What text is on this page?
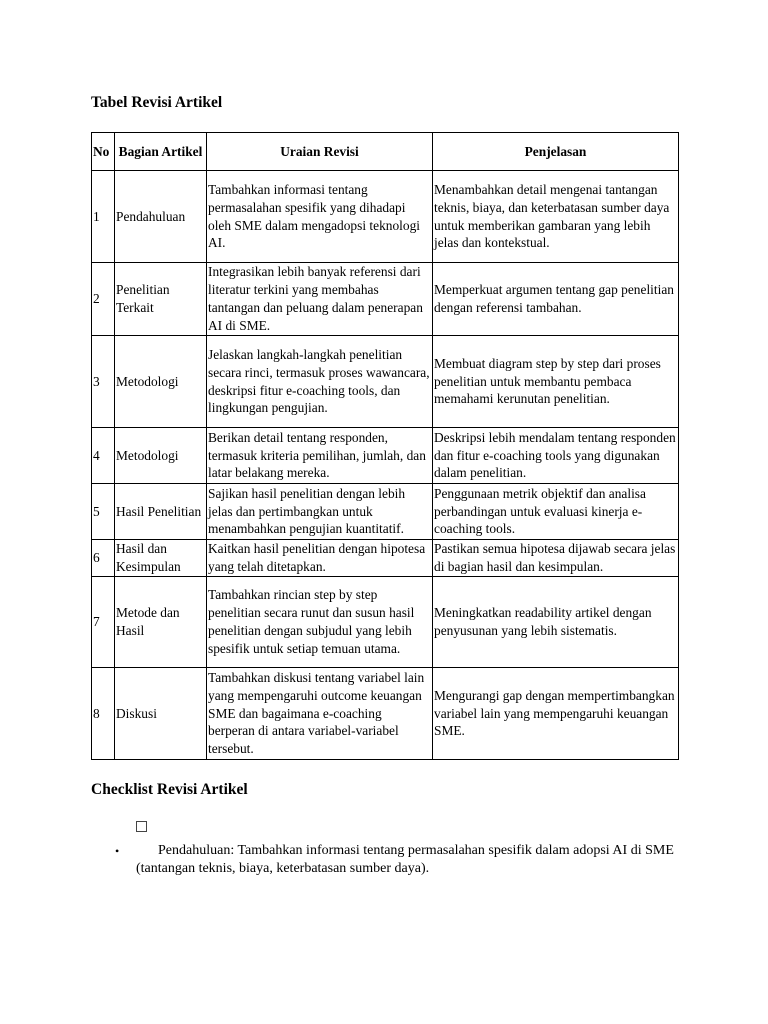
Tabel Revisi Artikel
No	Bagian Artikel	Uraian Revisi	Penjelasan
1	Pendahuluan	Tambahkan informasi tentang permasalahan spesifik yang dihadapi oleh SME dalam mengadopsi teknologi AI.	Menambahkan detail mengenai tantangan teknis, biaya, dan keterbatasan sumber daya untuk memberikan gambaran yang lebih jelas dan kontekstual.
2	Penelitian Terkait	Integrasikan lebih banyak referensi dari literatur terkini yang membahas tantangan dan peluang dalam penerapan AI di SME.	Memperkuat argumen tentang gap penelitian dengan referensi tambahan.
3	Metodologi	Jelaskan langkah-langkah penelitian secara rinci, termasuk proses wawancara, deskripsi fitur e-coaching tools, dan lingkungan pengujian.	Membuat diagram step by step dari proses penelitian untuk membantu pembaca memahami kerunutan penelitian.
4	Metodologi	Berikan detail tentang responden, termasuk kriteria pemilihan, jumlah, dan latar belakang mereka.	Deskripsi lebih mendalam tentang responden dan fitur e-coaching tools yang digunakan dalam penelitian.
5	Hasil Penelitian	Sajikan hasil penelitian dengan lebih jelas dan pertimbangkan untuk menambahkan pengujian kuantitatif.	Penggunaan metrik objektif dan analisa perbandingan untuk evaluasi kinerja e-coaching tools.
6	Hasil dan Kesimpulan	Kaitkan hasil penelitian dengan hipotesa yang telah ditetapkan.	Pastikan semua hipotesa dijawab secara jelas di bagian hasil dan kesimpulan.
7	Metode dan Hasil	Tambahkan rincian step by step penelitian secara runut dan susun hasil penelitian dengan subjudul yang lebih spesifik untuk setiap temuan utama.	Meningkatkan readability artikel dengan penyusunan yang lebih sistematis.
8	Diskusi	Tambahkan diskusi tentang variabel lain yang mempengaruhi outcome keuangan SME dan bagaimana e-coaching berperan di antara variabel-variabel tersebut.	Mengurangi gap dengan mempertimbangkan variabel lain yang mempengaruhi keuangan SME.
Checklist Revisi Artikel
•	Pendahuluan: Tambahkan informasi tentang permasalahan spesifik dalam adopsi AI di SME (tantangan teknis, biaya, keterbatasan sumber daya).
